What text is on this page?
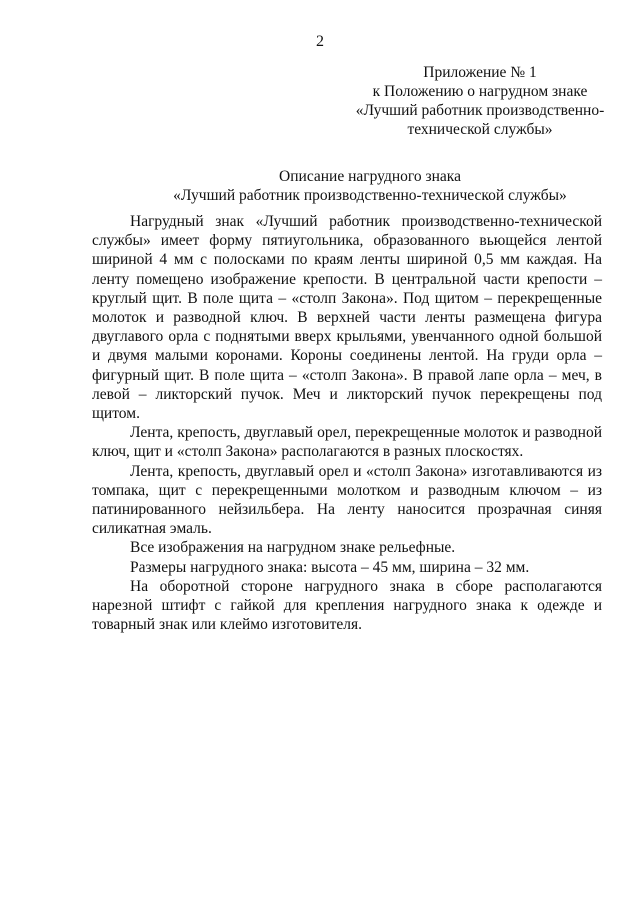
2
Приложение № 1
к Положению о нагрудном знаке
«Лучший работник производственно-
технической службы»
Описание нагрудного знака
«Лучший работник производственно-технической службы»

Нагрудный знак «Лучший работник производственно-технической службы» имеет форму пятиугольника, образованного вьющейся лентой шириной 4 мм с полосками по краям ленты шириной 0,5 мм каждая. На ленту помещено изображение крепости. В центральной части крепости – круглый щит. В поле щита – «столп Закона». Под щитом – перекрещенные молоток и разводной ключ. В верхней части ленты размещена фигура двуглавого орла с поднятыми вверх крыльями, увенчанного одной большой и двумя малыми коронами. Короны соединены лентой. На груди орла – фигурный щит. В поле щита – «столп Закона». В правой лапе орла – меч, в левой – ликторский пучок. Меч и ликторский пучок перекрещены под щитом.

Лента, крепость, двуглавый орел, перекрещенные молоток и разводной ключ, щит и «столп Закона» располагаются в разных плоскостях.

Лента, крепость, двуглавый орел и «столп Закона» изготавливаются из томпака, щит с перекрещенными молотком и разводным ключом – из патинированного нейзильбера. На ленту наносится прозрачная синяя силикатная эмаль.

Все изображения на нагрудном знаке рельефные.

Размеры нагрудного знака: высота – 45 мм, ширина – 32 мм.

На оборотной стороне нагрудного знака в сборе располагаются нарезной штифт с гайкой для крепления нагрудного знака к одежде и товарный знак или клеймо изготовителя.
